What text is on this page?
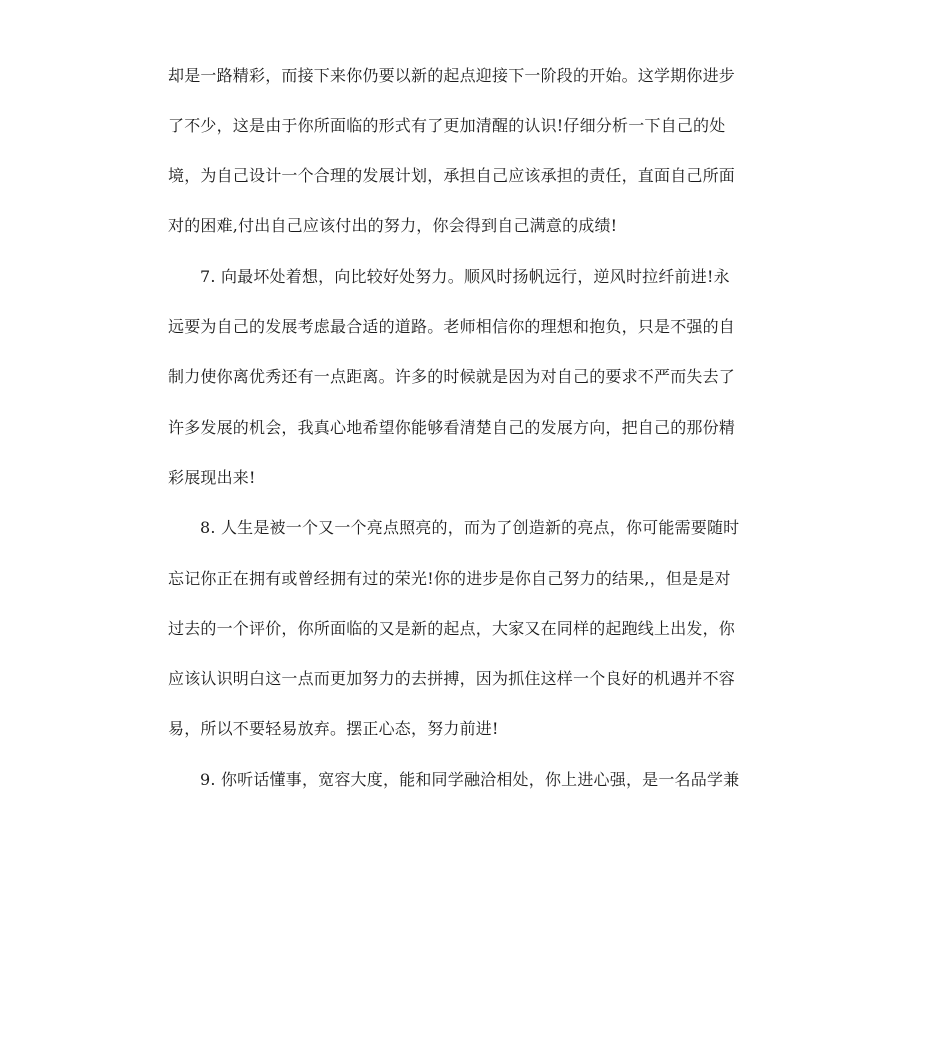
却是一路精彩，而接下来你仍要以新的起点迎接下一阶段的开始。这学期你进步
了不少，这是由于你所面临的形式有了更加清醒的认识!仔细分析一下自己的处
境，为自己设计一个合理的发展计划，承担自己应该承担的责任，直面自己所面
对的困难,付出自己应该付出的努力，你会得到自己满意的成绩!
7. 向最坏处着想，向比较好处努力。顺风时扬帆远行，逆风时拉纤前进!永
远要为自己的发展考虑最合适的道路。老师相信你的理想和抱负，只是不强的自
制力使你离优秀还有一点距离。许多的时候就是因为对自己的要求不严而失去了
许多发展的机会，我真心地希望你能够看清楚自己的发展方向，把自己的那份精
彩展现出来!
8. 人生是被一个又一个亮点照亮的，而为了创造新的亮点，你可能需要随时
忘记你正在拥有或曾经拥有过的荣光!你的进步是你自己努力的结果,，但是是对
过去的一个评价，你所面临的又是新的起点，大家又在同样的起跑线上出发，你
应该认识明白这一点而更加努力的去拼搏，因为抓住这样一个良好的机遇并不容
易，所以不要轻易放弃。摆正心态，努力前进!
9. 你听话懂事，宽容大度，能和同学融洽相处，你上进心强，是一名品学兼
